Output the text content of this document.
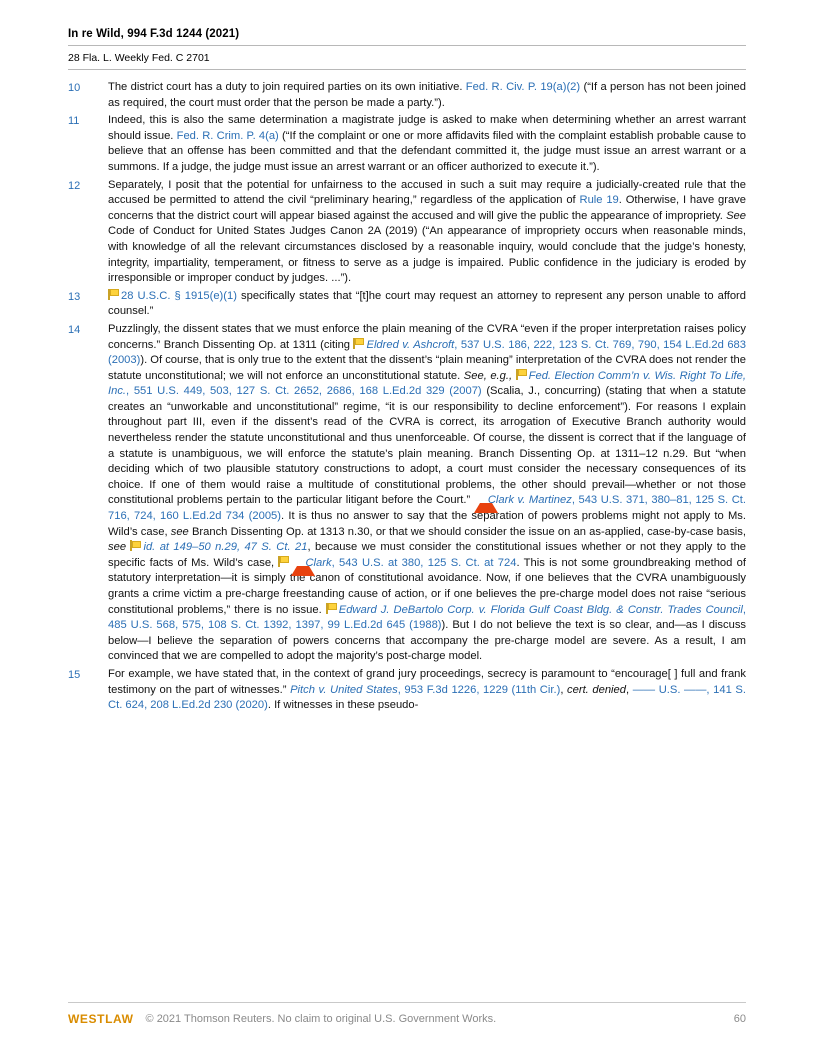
In re Wild, 994 F.3d 1244 (2021)
28 Fla. L. Weekly Fed. C 2701
10	The district court has a duty to join required parties on its own initiative. Fed. R. Civ. P. 19(a)(2) (“If a person has not been joined as required, the court must order that the person be made a party.”).
11	Indeed, this is also the same determination a magistrate judge is asked to make when determining whether an arrest warrant should issue. Fed. R. Crim. P. 4(a) (“If the complaint or one or more affidavits filed with the complaint establish probable cause to believe that an offense has been committed and that the defendant committed it, the judge must issue an arrest warrant or a summons. If a judge, the judge must issue an arrest warrant or an officer authorized to execute it.”).
12	Separately, I posit that the potential for unfairness to the accused in such a suit may require a judicially-created rule that the accused be permitted to attend the civil “preliminary hearing,” regardless of the application of Rule 19. Otherwise, I have grave concerns that the district court will appear biased against the accused and will give the public the appearance of impropriety. See Code of Conduct for United States Judges Canon 2A (2019) (“An appearance of impropriety occurs when reasonable minds, with knowledge of all the relevant circumstances disclosed by a reasonable inquiry, would conclude that the judge’s honesty, integrity, impartiality, temperament, or fitness to serve as a judge is impaired. Public confidence in the judiciary is eroded by irresponsible or improper conduct by judges. ...”).
13	28 U.S.C. § 1915(e)(1) specifically states that “[t]he court may request an attorney to represent any person unable to afford counsel.”
14	Puzzlingly, the dissent states that we must enforce the plain meaning of the CVRA “even if the proper interpretation raises policy concerns.” Branch Dissenting Op. at 1311 (citing Eldred v. Ashcroft, 537 U.S. 186, 222, 123 S. Ct. 769, 790, 154 L.Ed.2d 683 (2003)). Of course, that is only true to the extent that the dissent’s “plain meaning” interpretation of the CVRA does not render the statute unconstitutional; we will not enforce an unconstitutional statute. See, e.g., Fed. Election Comm’n v. Wis. Right To Life, Inc., 551 U.S. 449, 503, 127 S. Ct. 2652, 2686, 168 L.Ed.2d 329 (2007) (Scalia, J., concurring) (stating that when a statute creates an “unworkable and unconstitutional” regime, “it is our responsibility to decline enforcement”). For reasons I explain throughout part III, even if the dissent’s read of the CVRA is correct, its arrogation of Executive Branch authority would nevertheless render the statute unconstitutional and thus unenforceable. Of course, the dissent is correct that if the language of a statute is unambiguous, we will enforce the statute’s plain meaning. Branch Dissenting Op. at 1311–12 n.29. But “when deciding which of two plausible statutory constructions to adopt, a court must consider the necessary consequences of its choice. If one of them would raise a multitude of constitutional problems, the other should prevail—whether or not those constitutional problems pertain to the particular litigant before the Court.” ! Clark v. Martinez, 543 U.S. 371, 380–81, 125 S. Ct. 716, 724, 160 L.Ed.2d 734 (2005). It is thus no answer to say that the separation of powers problems might not apply to Ms. Wild’s case, see Branch Dissenting Op. at 1313 n.30, or that we should consider the issue on an as-applied, case-by-case basis, see id. at 149–50 n.29, 47 S. Ct. 21, because we must consider the constitutional issues whether or not they apply to the specific facts of Ms. Wild’s case,	! Clark, 543 U.S. at 380, 125 S. Ct. at 724. This is not some groundbreaking method of statutory interpretation—it is simply the canon of constitutional avoidance. Now, if one believes that the CVRA unambiguously grants a crime victim a pre-charge freestanding cause of action, or if one believes the pre-charge model does not raise “serious constitutional problems,” there is no issue. Edward J. DeBartolo Corp. v. Florida Gulf Coast Bldg. & Constr. Trades Council, 485 U.S. 568, 575, 108 S. Ct. 1392, 1397, 99 L.Ed.2d 645 (1988)). But I do not believe the text is so clear, and—as I discuss below—I believe the separation of powers concerns that accompany the pre-charge model are severe. As a result, I am convinced that we are compelled to adopt the majority’s post-charge model.
15	For example, we have stated that, in the context of grand jury proceedings, secrecy is paramount to “encourage[ ] full and frank testimony on the part of witnesses.” Pitch v. United States, 953 F.3d 1226, 1229 (11th Cir.), cert. denied, —— U.S. ——, 141 S. Ct. 624, 208 L.Ed.2d 230 (2020). If witnesses in these pseudo-
WESTLAW © 2021 Thomson Reuters. No claim to original U.S. Government Works.	60
